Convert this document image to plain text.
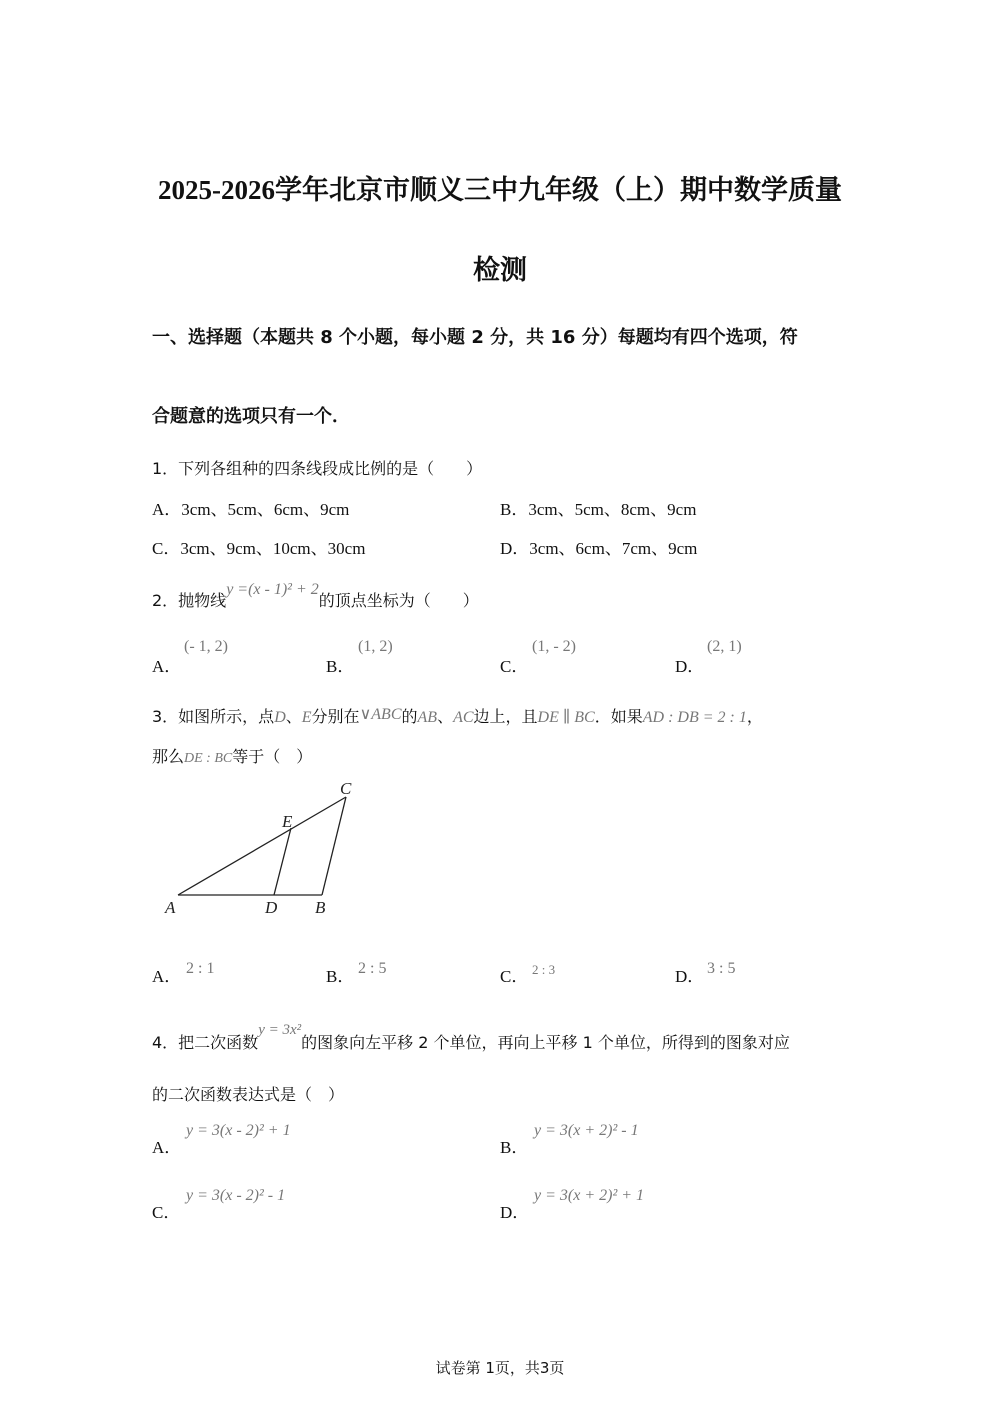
2025-2026学年北京市顺义三中九年级（上）期中数学质量
检测
一、选择题（本题共 8 个小题，每小题 2 分，共 16 分）每题均有四个选项，符
合题意的选项只有一个．
1．下列各组种的四条线段成比例的是（　　）
A．3cm、5cm、6cm、9cm	B．3cm、5cm、8cm、9cm
C．3cm、9cm、10cm、30cm	D．3cm、6cm、7cm、9cm
2．抛物线y =(x - 1)² + 2的顶点坐标为（　　）
A．
(- 1, 2)
B．
(1, 2)
C．
(1, - 2)
D．
(2, 1)
3．如图所示，点D、E分别在∨ABC的AB、AC边上，且DE ∥ BC．如果AD : DB = 2 : 1，
那么DE : BC等于（　）
A	D B
C
E
A． 2 : 1	B． 2 : 5	C． 2 : 3	D． 3 : 5
4．把二次函数y = 3x²的图象向左平移 2 个单位，再向上平移 1 个单位，所得到的图象对应
的二次函数表达式是（　）
A．
y = 3(x - 2)² + 1
B．
y = 3(x + 2)² - 1
C．
y = 3(x - 2)² - 1
D．
y = 3(x + 2)² + 1
试卷第 1页，共3页
